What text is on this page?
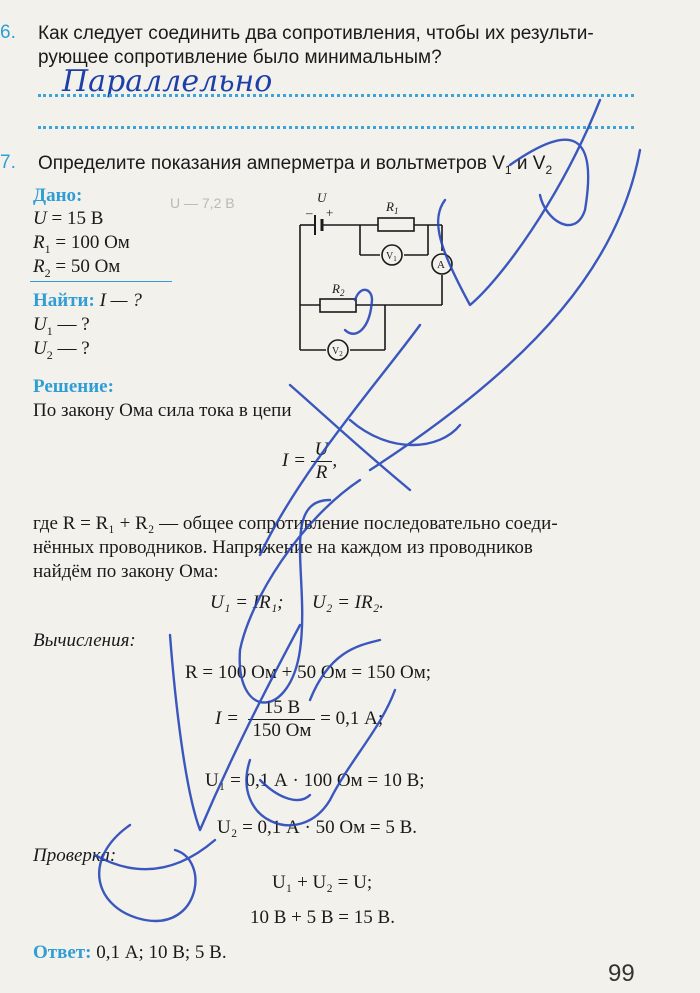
6. Как следует соединить два сопротивления, чтобы их результи-
рующее сопротивление было минимальным?
Параллельно
7. Определите показания амперметра и вольтметров $V_1$ и $V_2$
Дано:
U = 15 В
$R_1 = 100$ Ом
$R_2 = 50$ Ом
Найти: I — ?
$U_1$ — ?
$U_2$ — ?
U — 7,2 В	U
– +	$R_1$
$V_1$	A
$R_2$
$V_2$
Решение:
По закону Ома сила тока в цепи
I =
$\frac{U}{R}$ ,
где R = R₁ + R₂ — общее сопротивление последовательно соеди-
нённых проводников. Напряжение на каждом из проводников
найдём по закону Ома:
U₁ = IR₁; U₂ = IR₂.
Вычисления:
R = 100 Ом + 50 Ом = 150 Ом;
I =
$\frac{15 В}{150 Ом}$
= 0,1 А;
U₁ = 0,1 А · 100 Ом = 10 В;
U₂ = 0,1 А · 50 Ом = 5 В.
Проверка:
U₁ + U₂ = U;
10 В + 5 В = 15 В.
Ответ: 0,1 А; 10 В; 5 В.
99
